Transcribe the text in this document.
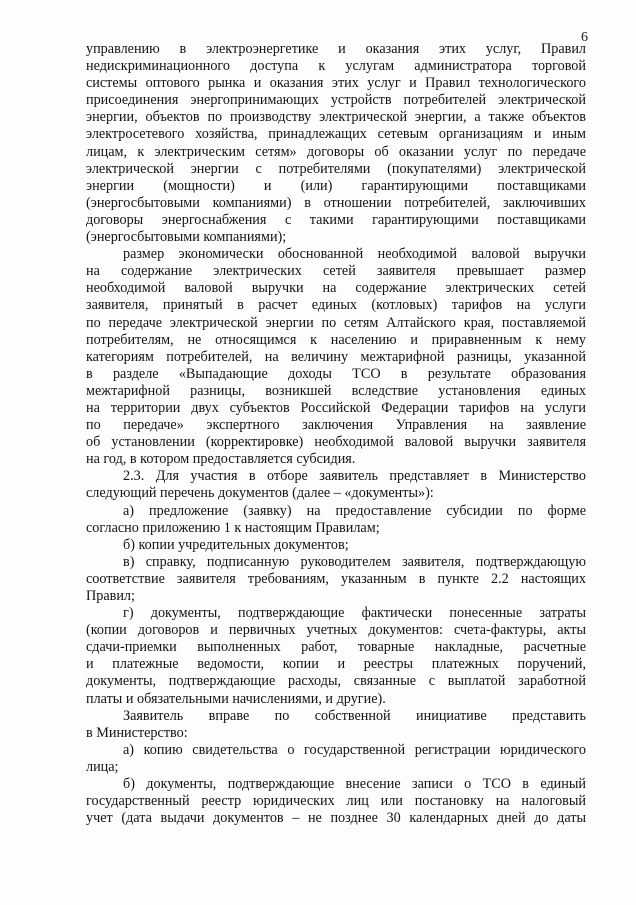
6
управлению в электроэнергетике и оказания этих услуг, Правил
недискриминационного доступа к услугам администратора торговой
системы оптового рынка и оказания этих услуг и Правил технологического
присоединения энергопринимающих устройств потребителей электрической
энергии, объектов по производству электрической энергии, а также объектов
электросетевого хозяйства, принадлежащих сетевым организациям и иным
лицам, к электрическим сетям» договоры об оказании услуг по передаче
электрической энергии с потребителями (покупателями) электрической
энергии (мощности) и (или) гарантирующими поставщиками
(энергосбытовыми компаниями) в отношении потребителей, заключивших
договоры энергоснабжения с такими гарантирующими поставщиками
(энергосбытовыми компаниями);
размер экономически обоснованной необходимой валовой выручки
на содержание электрических сетей заявителя превышает размер
необходимой валовой выручки на содержание электрических сетей
заявителя, принятый в расчет единых (котловых) тарифов на услуги
по передаче электрической энергии по сетям Алтайского края, поставляемой
потребителям, не относящимся к населению и приравненным к нему
категориям потребителей, на величину межтарифной разницы, указанной
в разделе «Выпадающие доходы ТСО в результате образования
межтарифной разницы, возникшей вследствие установления единых
на территории двух субъектов Российской Федерации тарифов на услуги
по передаче» экспертного заключения Управления на заявление
об установлении (корректировке) необходимой валовой выручки заявителя
на год, в котором предоставляется субсидия.
2.3. Для участия в отборе заявитель представляет в Министерство
следующий перечень документов (далее – «документы»):
а) предложение (заявку) на предоставление субсидии по форме
согласно приложению 1 к настоящим Правилам;
б) копии учредительных документов;
в) справку, подписанную руководителем заявителя, подтверждающую
соответствие заявителя требованиям, указанным в пункте 2.2 настоящих
Правил;
г) документы, подтверждающие фактически понесенные затраты
(копии договоров и первичных учетных документов: счета-фактуры, акты
сдачи-приемки выполненных работ, товарные накладные, расчетные
и платежные ведомости, копии и реестры платежных поручений,
документы, подтверждающие расходы, связанные с выплатой заработной
платы и обязательными начислениями, и другие).
Заявитель вправе по собственной инициативе представить
в Министерство:
а) копию свидетельства о государственной регистрации юридического
лица;
б) документы, подтверждающие внесение записи о ТСО в единый
государственный реестр юридических лиц или постановку на налоговый
учет (дата выдачи документов – не позднее 30 календарных дней до даты
